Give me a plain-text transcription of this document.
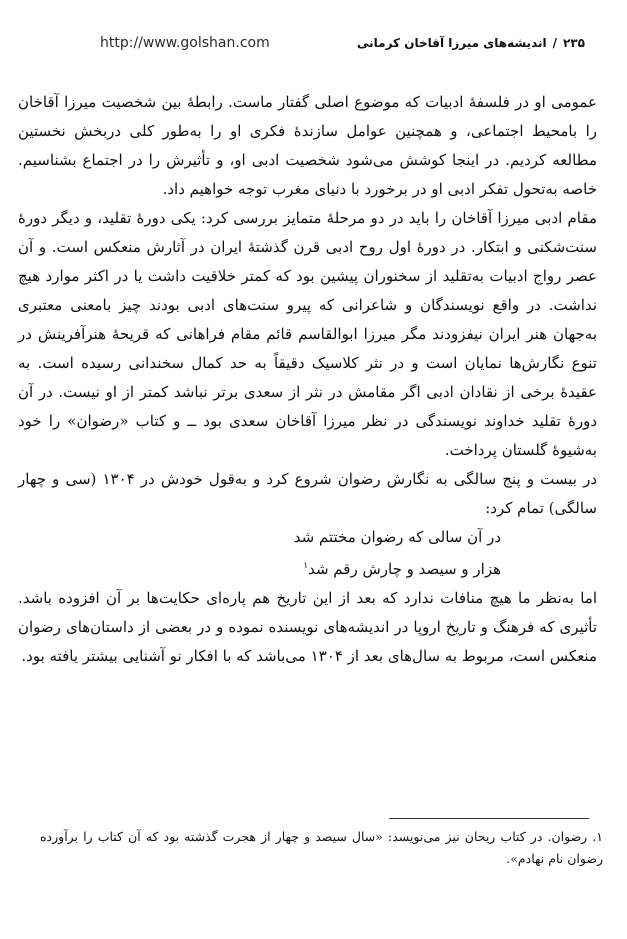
http://www.golshan.com	۲۳۵/اندیشه‌های میرزا آقاخان کرمانی

عمومی او در فلسفهٔ ادبیات که موضوع اصلی گفتار ماست. رابطهٔ بین شخصیت میرزا آقاخان را بامحیط اجتماعی، و همچنین عوامل سازندهٔ فکری او را به‌طور کلی دربخش نخستین مطالعه کردیم. در اینجا کوشش می‌شود شخصیت ادبی او، و تأثیرش را در اجتماع بشناسیم. خاصه به‌تحول تفکر ادبی او در برخورد با دنیای مغرب توجه خواهیم داد.

مقام ادبی میرزا آقاخان را باید در دو مرحلهٔ متمایز بررسی کرد: یکی دورهٔ تقلید، و دیگر دورهٔ سنت‌شکنی و ابتکار. در دورهٔ اول روح ادبی قرن گذشتهٔ ایران در آثارش منعکس است. و آن عصر رواج ادبیات به‌تقلید از سخنوران پیشین بود که کمتر خلاقیت داشت یا در اکثر موارد هیچ نداشت. در واقع نویسندگان و شاعرانی که پیرو سنت‌های ادبی بودند چیز بامعنی معتبری به‌جهان هنر ایران نیفزودند مگر میرزا ابوالقاسم قائم مقام فراهانی که قریحهٔ هنرآفرینش در تنوع نگارش‌ها نمایان است و در نثر کلاسیک دقیقاً به حد کمال سخندانی رسیده است. به عقیدهٔ برخی از نقادان ادبی اگر مقامش در نثر از سعدی برتر نباشد کمتر از او نیست. در آن دورهٔ تقلید خداوند نویسندگی در نظر میرزا آقاخان سعدی بود ــ و کتاب «رضوان» را خود به‌شیوهٔ گلستان پرداخت.

در بیست و پنج سالگی به نگارش رضوان شروع کرد و به‌قول خودش در ۱۳۰۴ (سی و چهار سالگی) تمام کرد:

در آن سالی که رضوان مختتم شد
هزار و سیصد و چارش رقم شد$^۱$

اما به‌نظر ما هیچ منافات ندارد که بعد از این تاریخ هم پاره‌ای حکایت‌ها بر آن افزوده باشد. تأثیری که فرهنگ و تاریخ اروپا در اندیشه‌های نویسنده نموده و در بعضی از داستان‌های رضوان منعکس است، مربوط به سال‌های بعد از ۱۳۰۴ می‌باشد که با افکار نو آشنایی بیشتر یافته بود.

۱. رضوان. در کتاب ریحان نیز می‌نویسد: «سال سیصد و چهار از هجرت گذشته بود که آن کتاب را برآورده رضوان نام نهادم».
